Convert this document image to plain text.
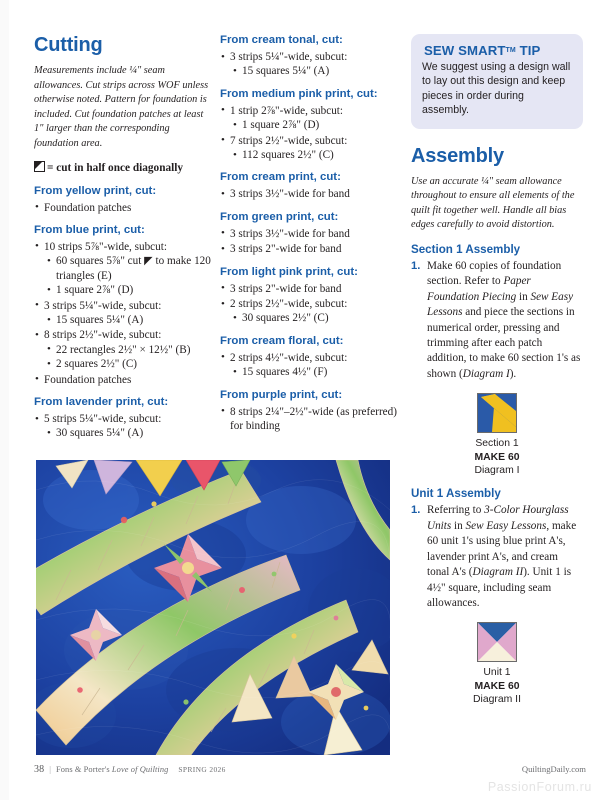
Cutting

Measurements include ¼" seam allowances. Cut strips across WOF unless otherwise noted. Pattern for foundation is included. Cut foundation patches at least 1" larger than the corresponding foundation area.

= cut in half once diagonally

From yellow print, cut:
• Foundation patches
From blue print, cut:
• 10 strips 5⅞"-wide, subcut:
• 60 squares 5⅞" cut ◤ to make 120 triangles (E)
• 1 square 2⅞" (D)
• 3 strips 5¼"-wide, subcut:
• 15 squares 5¼" (A)
• 8 strips 2½"-wide, subcut:
• 22 rectangles 2½" × 12½" (B)
• 2 squares 2½" (C)
• Foundation patches
From lavender print, cut:
• 5 strips 5¼"-wide, subcut:
• 30 squares 5¼" (A)
From cream tonal, cut:
• 3 strips 5¼"-wide, subcut:
• 15 squares 5¼" (A)
From medium pink print, cut:
• 1 strip 2⅞"-wide, subcut:
• 1 square 2⅞" (D)
• 7 strips 2½"-wide, subcut:
• 112 squares 2½" (C)
From cream print, cut:
• 3 strips 3½"-wide for band
From green print, cut:
• 3 strips 3½"-wide for band
• 3 strips 2"-wide for band
From light pink print, cut:
• 3 strips 2"-wide for band
• 2 strips 2½"-wide, subcut:
• 30 squares 2½" (C)
From cream floral, cut:
• 2 strips 4½"-wide, subcut:
• 15 squares 4½" (F)
From purple print, cut:
• 8 strips 2¼"–2½"-wide (as preferred) for binding
SEW SMART™ TIP

We suggest using a design wall to lay out this design and keep pieces in order during assembly.

Assembly

Use an accurate ¼" seam allowance throughout to ensure all elements of the quilt fit together well. Handle all bias edges carefully to avoid distortion.

Section 1 Assembly
1. Make 60 copies of foundation section. Refer to Paper Foundation Piecing in Sew Easy Lessons and piece the sections in numerical order, pressing and trimming after each patch addition, to make 60 section 1's as shown (Diagram I).
Section 1
MAKE 60
Diagram I
Unit 1 Assembly
1. Referring to 3-Color Hourglass Units in Sew Easy Lessons, make 60 unit 1's using blue print A's, lavender print A's, and cream tonal A's (Diagram II). Unit 1 is 4½" square, including seam allowances.
Unit 1
MAKE 60
Diagram II
38 | Fons & Porter's Love of Quilting SPRING 2026	QuiltingDaily.com
PassionForum.ru
